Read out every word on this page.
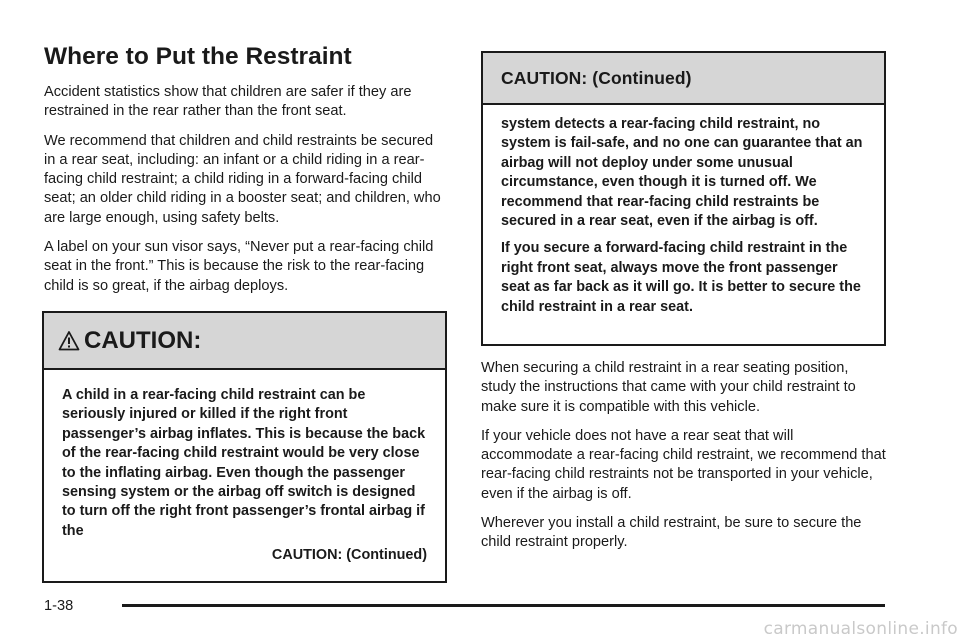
Where to Put the Restraint

Accident statistics show that children are safer if they are restrained in the rear rather than the front seat.

We recommend that children and child restraints be secured in a rear seat, including: an infant or a child riding in a rear-facing child restraint; a child riding in a forward-facing child seat; an older child riding in a booster seat; and children, who are large enough, using safety belts.

A label on your sun visor says, “Never put a rear-facing child seat in the front.” This is because the risk to the rear-facing child is so great, if the airbag deploys.

CAUTION:

A child in a rear-facing child restraint can be seriously injured or killed if the right front passenger’s airbag inflates. This is because the back of the rear-facing child restraint would be very close to the inflating airbag. Even though the passenger sensing system or the airbag off switch is designed to turn off the right front passenger’s frontal airbag if the

CAUTION: (Continued)
CAUTION: (Continued)

system detects a rear-facing child restraint, no system is fail-safe, and no one can guarantee that an airbag will not deploy under some unusual circumstance, even though it is turned off. We recommend that rear-facing child restraints be secured in a rear seat, even if the airbag is off.

If you secure a forward-facing child restraint in the right front seat, always move the front passenger seat as far back as it will go. It is better to secure the child restraint in a rear seat.

When securing a child restraint in a rear seating position, study the instructions that came with your child restraint to make sure it is compatible with this vehicle.

If your vehicle does not have a rear seat that will accommodate a rear-facing child restraint, we recommend that rear-facing child restraints not be transported in your vehicle, even if the airbag is off.

Wherever you install a child restraint, be sure to secure the child restraint properly.

1-38
carmanualsonline.info
